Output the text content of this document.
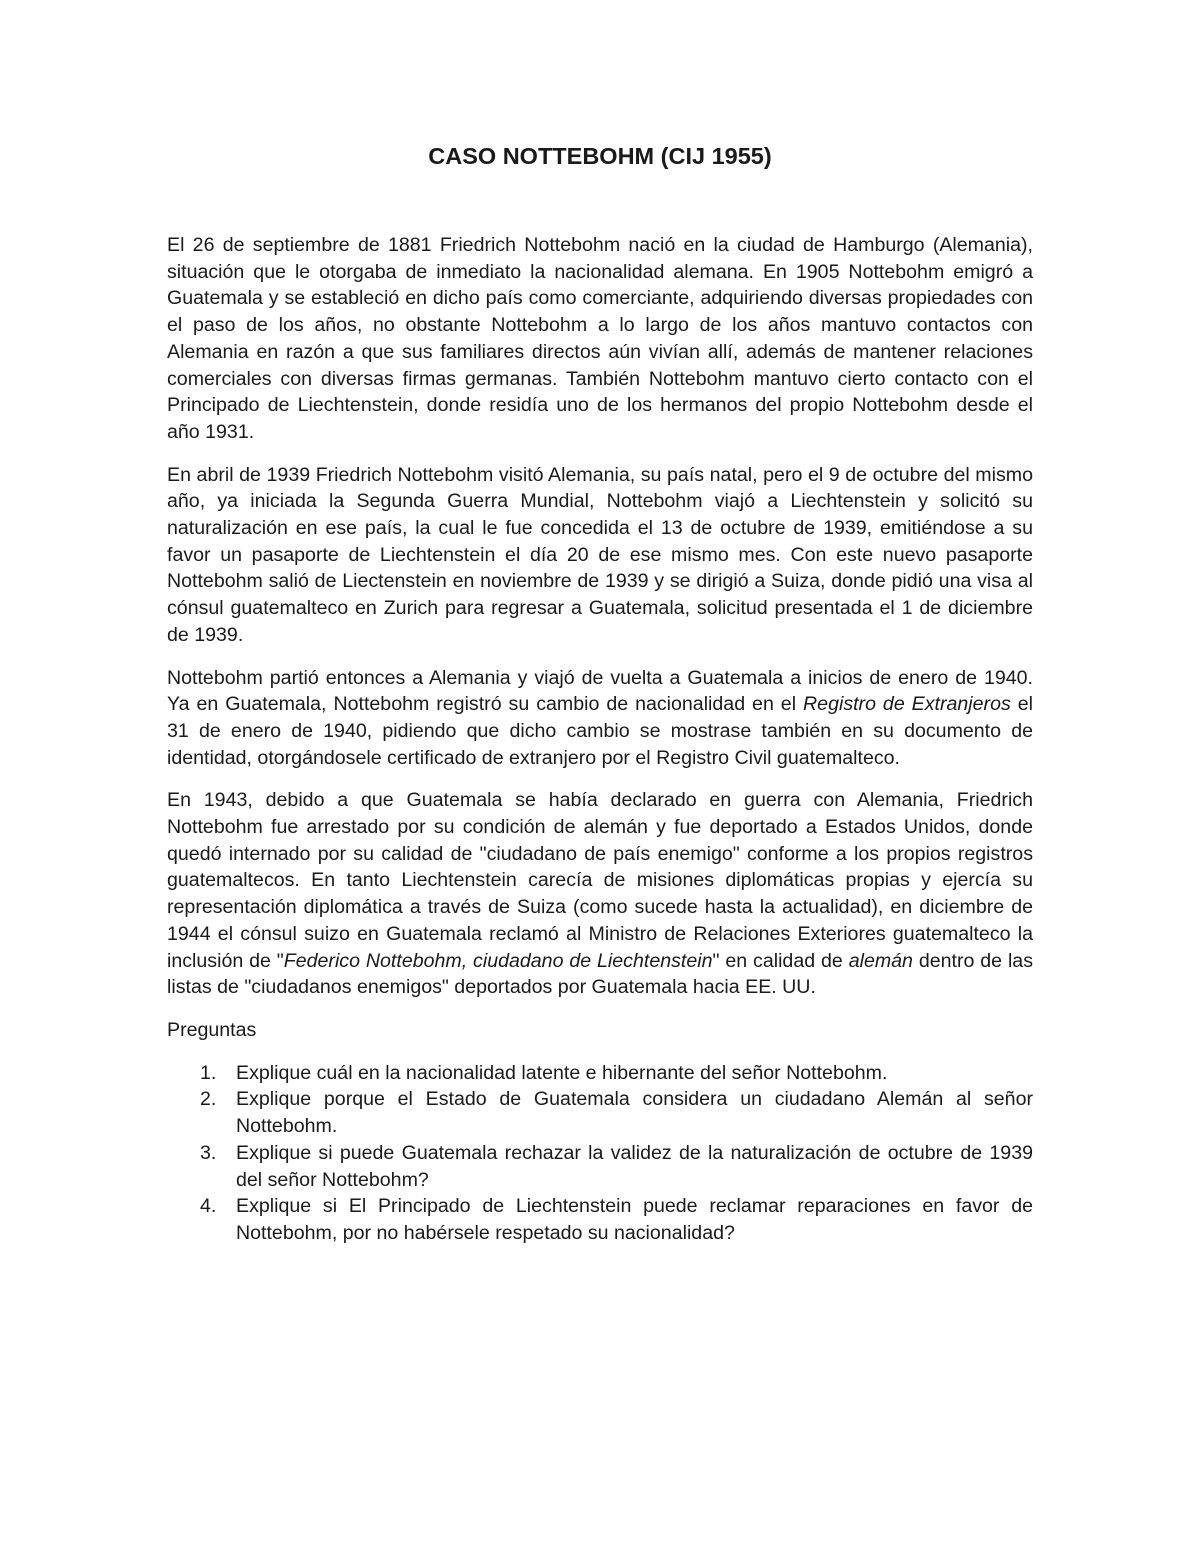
CASO NOTTEBOHM (CIJ 1955)

El 26 de septiembre de 1881 Friedrich Nottebohm nació en la ciudad de Hamburgo (Alemania), situación que le otorgaba de inmediato la nacionalidad alemana. En 1905 Nottebohm emigró a Guatemala y se estableció en dicho país como comerciante, adquiriendo diversas propiedades con el paso de los años, no obstante Nottebohm a lo largo de los años mantuvo contactos con Alemania en razón a que sus familiares directos aún vivían allí, además de mantener relaciones comerciales con diversas firmas germanas. También Nottebohm mantuvo cierto contacto con el Principado de Liechtenstein, donde residía uno de los hermanos del propio Nottebohm desde el año 1931.

En abril de 1939 Friedrich Nottebohm visitó Alemania, su país natal, pero el 9 de octubre del mismo año, ya iniciada la Segunda Guerra Mundial, Nottebohm viajó a Liechtenstein y solicitó su naturalización en ese país, la cual le fue concedida el 13 de octubre de 1939, emitiéndose a su favor un pasaporte de Liechtenstein el día 20 de ese mismo mes. Con este nuevo pasaporte Nottebohm salió de Liectenstein en noviembre de 1939 y se dirigió a Suiza, donde pidió una visa al cónsul guatemalteco en Zurich para regresar a Guatemala, solicitud presentada el 1 de diciembre de 1939.

Nottebohm partió entonces a Alemania y viajó de vuelta a Guatemala a inicios de enero de 1940. Ya en Guatemala, Nottebohm registró su cambio de nacionalidad en el Registro de Extranjeros el 31 de enero de 1940, pidiendo que dicho cambio se mostrase también en su documento de identidad, otorgándosele certificado de extranjero por el Registro Civil guatemalteco.

En 1943, debido a que Guatemala se había declarado en guerra con Alemania, Friedrich Nottebohm fue arrestado por su condición de alemán y fue deportado a Estados Unidos, donde quedó internado por su calidad de "ciudadano de país enemigo" conforme a los propios registros guatemaltecos. En tanto Liechtenstein carecía de misiones diplomáticas propias y ejercía su representación diplomática a través de Suiza (como sucede hasta la actualidad), en diciembre de 1944 el cónsul suizo en Guatemala reclamó al Ministro de Relaciones Exteriores guatemalteco la inclusión de "Federico Nottebohm, ciudadano de Liechtenstein" en calidad de alemán dentro de las listas de "ciudadanos enemigos" deportados por Guatemala hacia EE. UU.

Preguntas

1. Explique cuál en la nacionalidad latente e hibernante del señor Nottebohm.
2. Explique porque el Estado de Guatemala considera un ciudadano Alemán al señor Nottebohm.
3. Explique si puede Guatemala rechazar la validez de la naturalización de octubre de 1939 del señor Nottebohm?
4. Explique si El Principado de Liechtenstein puede reclamar reparaciones en favor de Nottebohm, por no habérsele respetado su nacionalidad?
